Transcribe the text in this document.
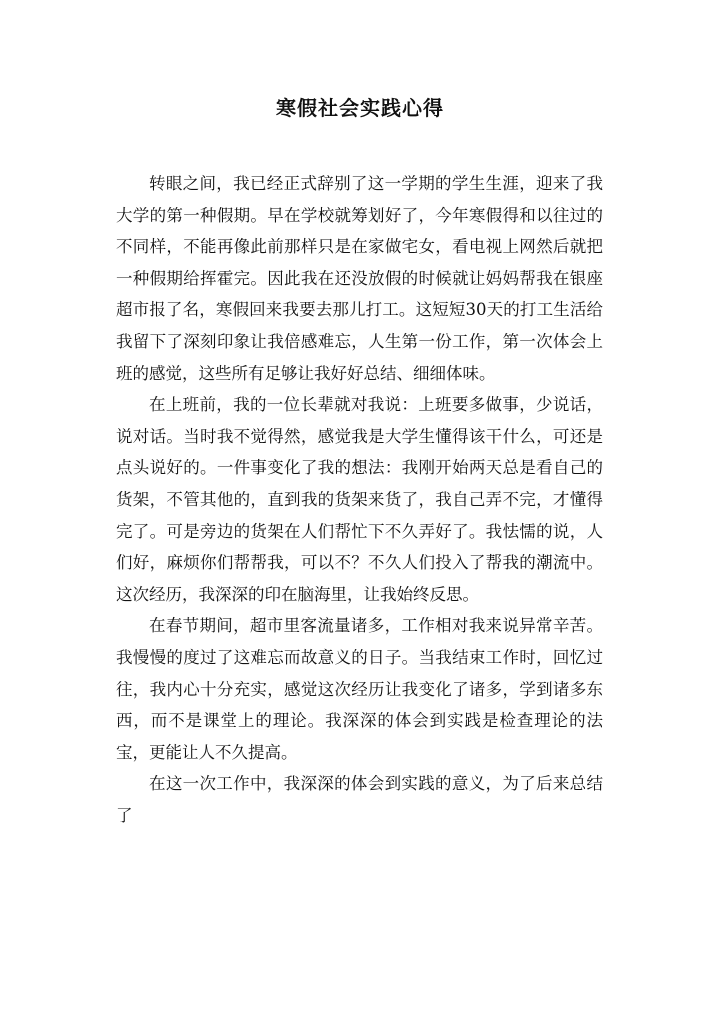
寒假社会实践心得

转眼之间，我已经正式辞别了这一学期的学生生涯，迎来了我大学的第一种假期。早在学校就筹划好了，今年寒假得和以往过的不同样，不能再像此前那样只是在家做宅女，看电视上网然后就把一种假期给挥霍完。因此我在还没放假的时候就让妈妈帮我在银座超市报了名，寒假回来我要去那儿打工。这短短30天的打工生活给我留下了深刻印象让我倍感难忘，人生第一份工作，第一次体会上班的感觉，这些所有足够让我好好总结、细细体味。

在上班前，我的一位长辈就对我说：上班要多做事，少说话，说对话。当时我不觉得然，感觉我是大学生懂得该干什么，可还是点头说好的。一件事变化了我的想法：我刚开始两天总是看自己的货架，不管其他的，直到我的货架来货了，我自己弄不完，才懂得完了。可是旁边的货架在人们帮忙下不久弄好了。我怯懦的说，人们好，麻烦你们帮帮我，可以不？不久人们投入了帮我的潮流中。这次经历，我深深的印在脑海里，让我始终反思。

在春节期间，超市里客流量诸多，工作相对我来说异常辛苦。我慢慢的度过了这难忘而故意义的日子。当我结束工作时，回忆过往，我内心十分充实，感觉这次经历让我变化了诸多，学到诸多东西，而不是课堂上的理论。我深深的体会到实践是检查理论的法宝，更能让人不久提高。

在这一次工作中，我深深的体会到实践的意义，为了后来总结了
